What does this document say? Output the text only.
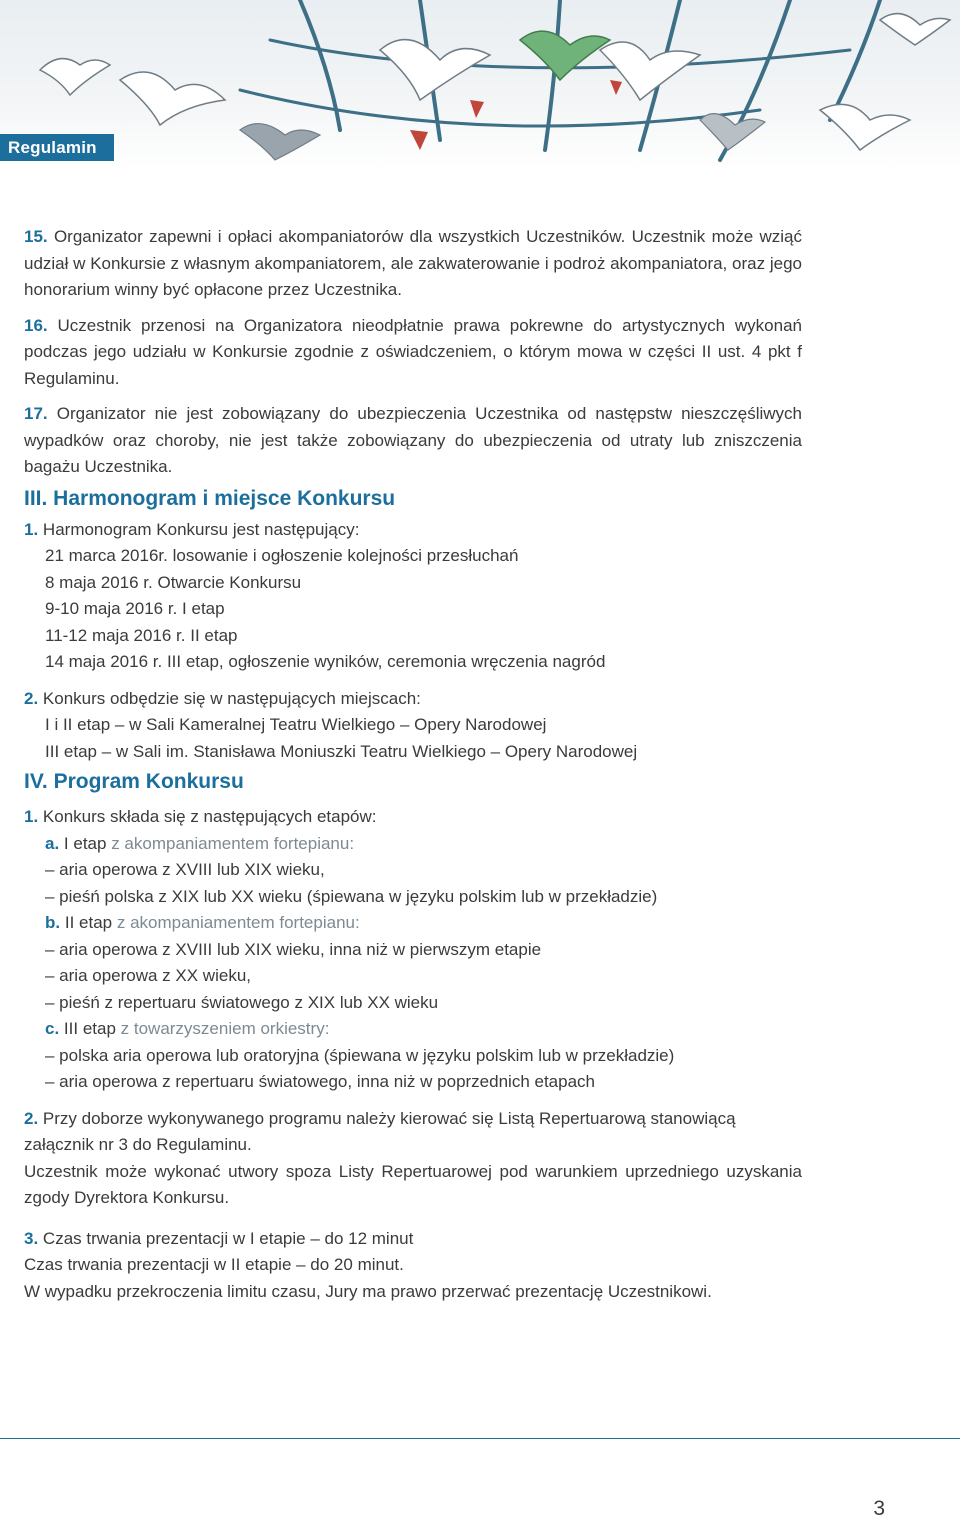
Regulamin
15. Organizator zapewni i opłaci akompaniatorów dla wszystkich Uczestników. Uczestnik może wziąć udział w Konkursie z własnym akompaniatorem, ale zakwaterowanie i podroż akompaniatora, oraz jego honorarium winny być opłacone przez Uczestnika.
16. Uczestnik przenosi na Organizatora nieodpłatnie prawa pokrewne do artystycznych wykonań podczas jego udziału w Konkursie zgodnie z oświadczeniem, o którym mowa w części II ust. 4 pkt f Regulaminu.
17. Organizator nie jest zobowiązany do ubezpieczenia Uczestnika od następstw nieszczęśliwych wypadków oraz choroby, nie jest także zobowiązany do ubezpieczenia od utraty lub zniszczenia bagażu Uczestnika.
III. Harmonogram i miejsce Konkursu
1. Harmonogram Konkursu jest następujący:
21 marca 2016r. losowanie i ogłoszenie kolejności przesłuchań
8 maja 2016 r. Otwarcie Konkursu
9-10 maja 2016 r. I etap
11-12 maja 2016 r. II etap
14 maja 2016 r. III etap, ogłoszenie wyników, ceremonia wręczenia nagród
2. Konkurs odbędzie się w następujących miejscach:
I i II etap – w Sali Kameralnej Teatru Wielkiego – Opery Narodowej
III etap – w Sali im. Stanisława Moniuszki Teatru Wielkiego – Opery Narodowej
IV. Program Konkursu
1. Konkurs składa się z następujących etapów:
a. I etap z akompaniamentem fortepianu:
– aria operowa z XVIII lub XIX wieku,
– pieśń polska z XIX lub XX wieku (śpiewana w języku polskim lub w przekładzie)
b. II etap z akompaniamentem fortepianu:
– aria operowa z XVIII lub XIX wieku, inna niż w pierwszym etapie
– aria operowa z XX wieku,
– pieśń z repertuaru światowego z XIX lub XX wieku
c. III etap z towarzyszeniem orkiestry:
– polska aria operowa lub oratoryjna (śpiewana w języku polskim lub w przekładzie)
– aria operowa z repertuaru światowego, inna niż w poprzednich etapach
2. Przy doborze wykonywanego programu należy kierować się Listą Repertuarową stanowiącą załącznik nr 3 do Regulaminu.
Uczestnik może wykonać utwory spoza Listy Repertuarowej pod warunkiem uprzedniego uzyskania zgody Dyrektora Konkursu.
3. Czas trwania prezentacji w I etapie – do 12 minut
Czas trwania prezentacji w II etapie – do 20 minut.
W wypadku przekroczenia limitu czasu, Jury ma prawo przerwać prezentację Uczestnikowi.
3
